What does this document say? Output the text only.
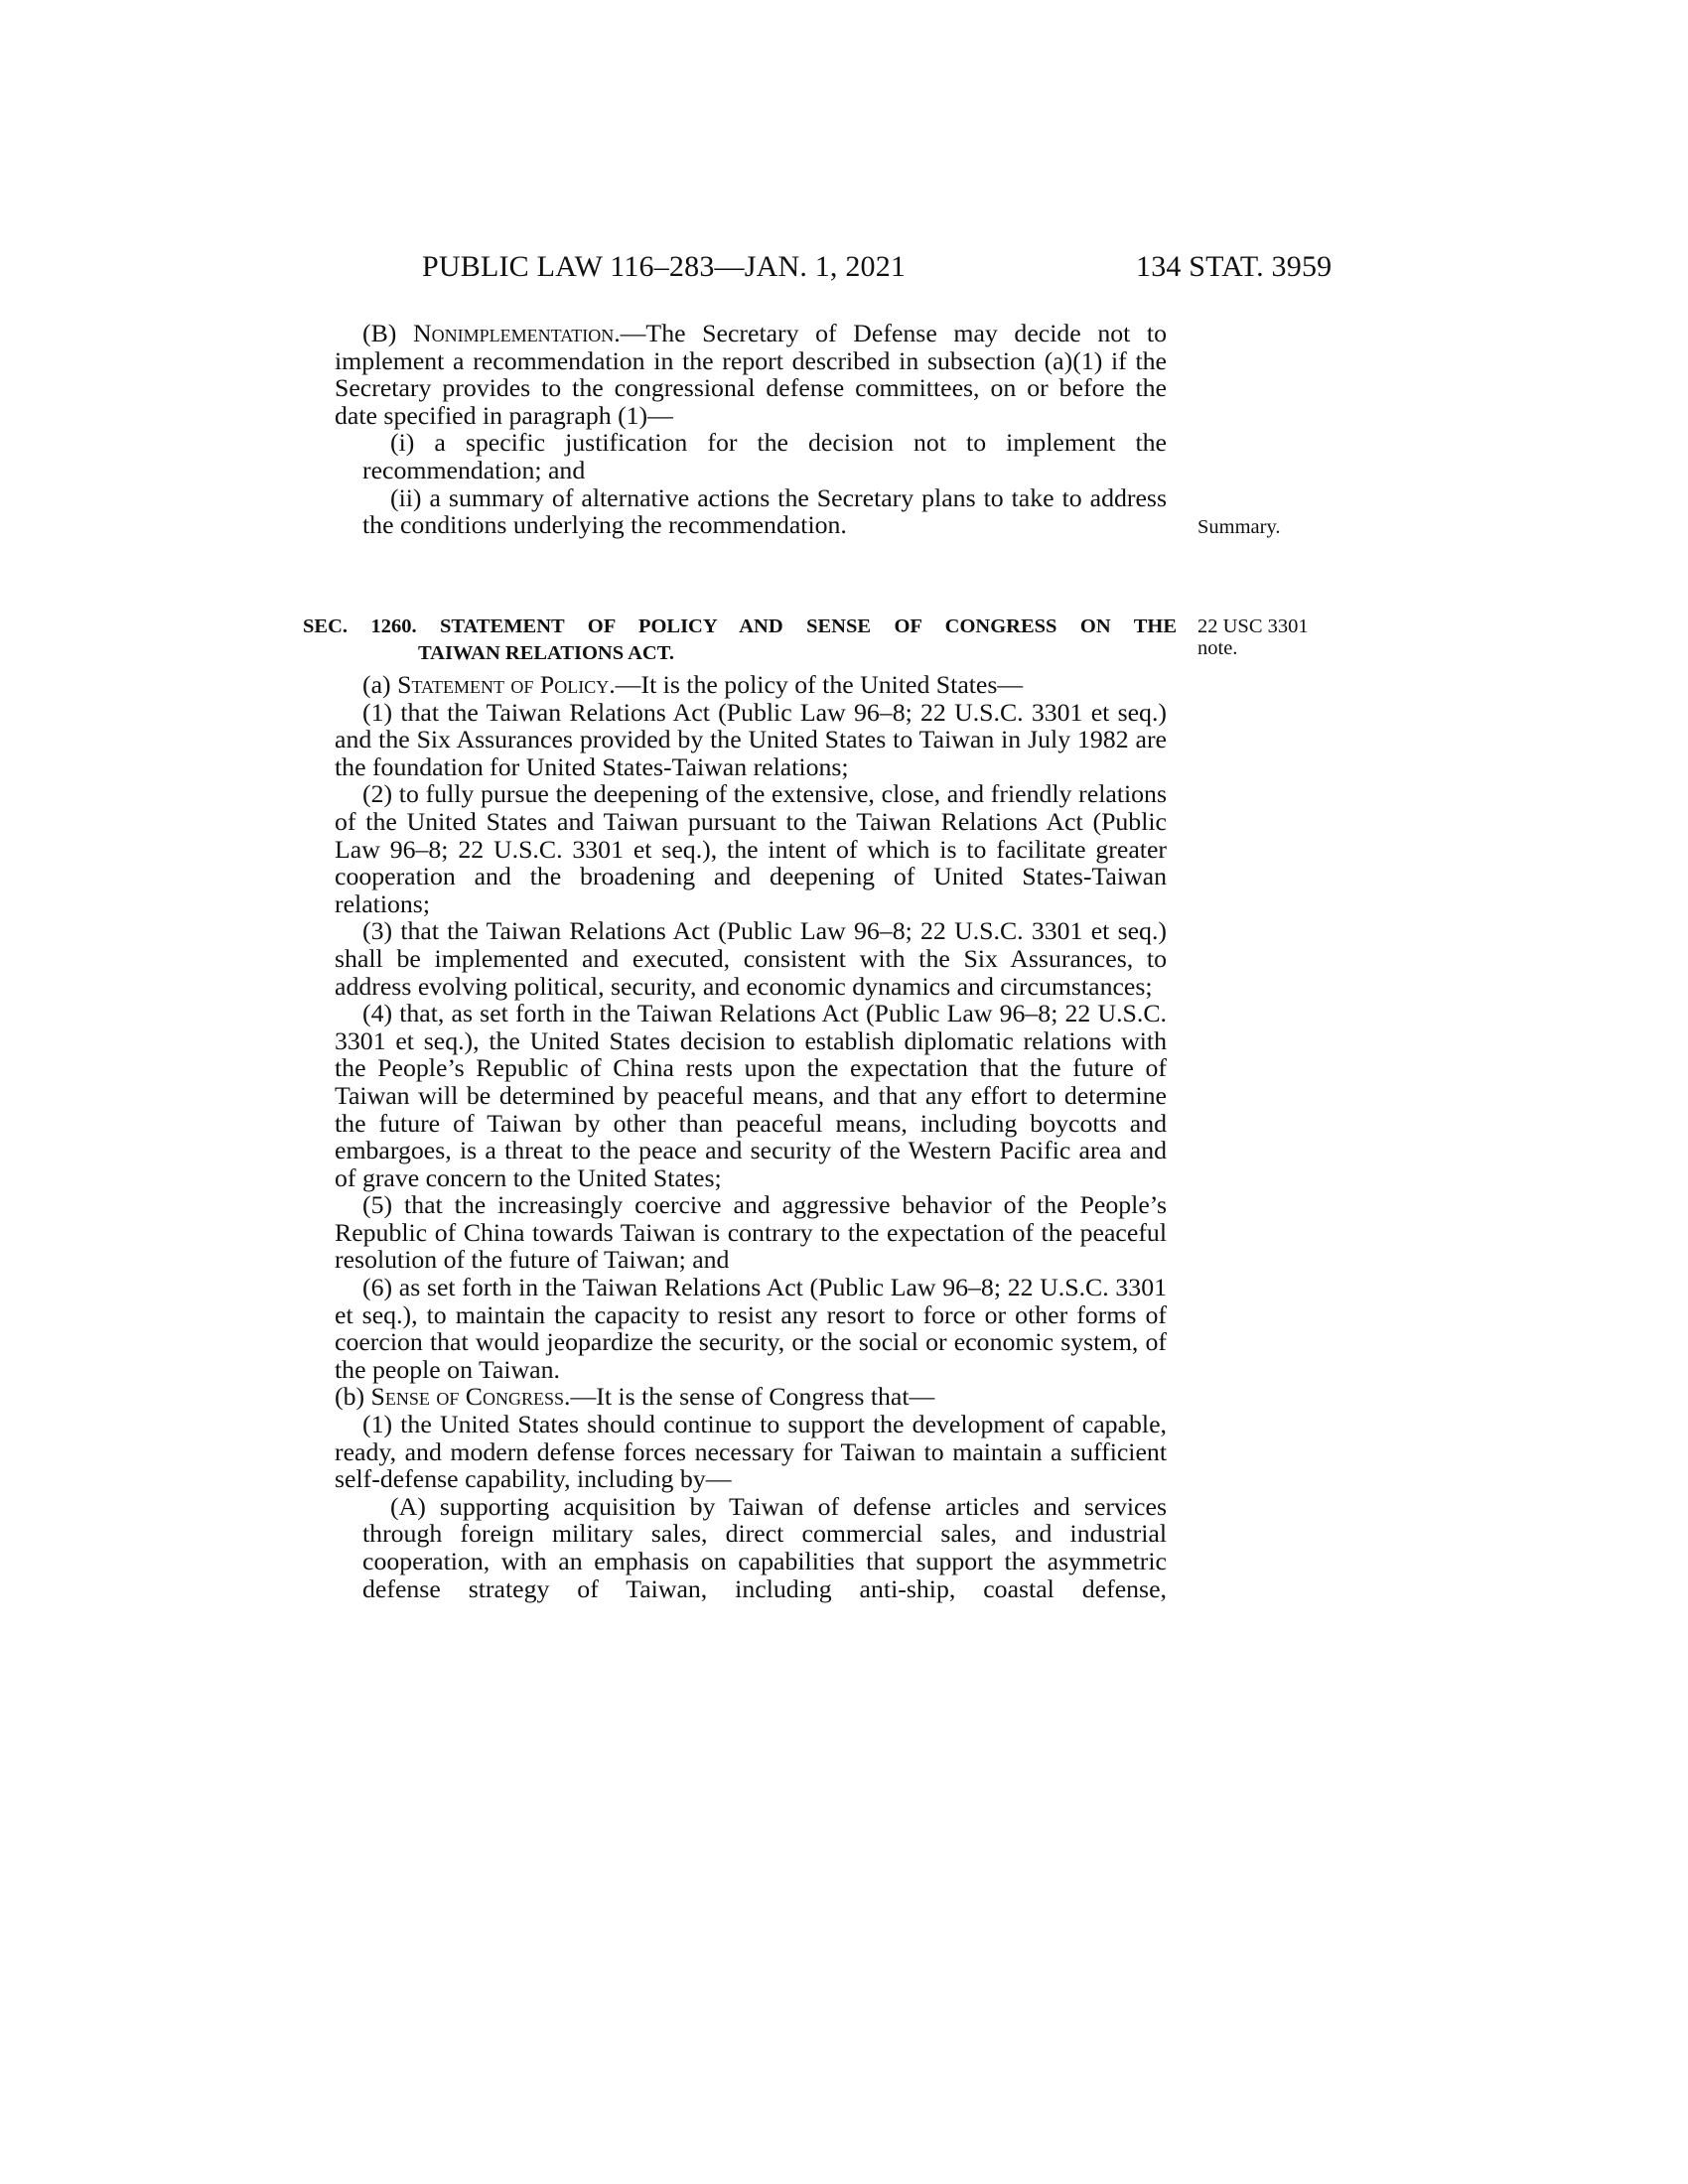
PUBLIC LAW 116–283—JAN. 1, 2021	134 STAT. 3959

(B) Nonimplementation.—The Secretary of Defense may decide not to implement a recommendation in the report described in subsection (a)(1) if the Secretary provides to the congressional defense committees, on or before the date specified in paragraph (1)—

(i) a specific justification for the decision not to implement the recommendation; and

(ii) a summary of alternative actions the Secretary plans to take to address the conditions underlying the recommendation.	Summary.
SEC. 1260. STATEMENT OF POLICY AND SENSE OF CONGRESS ON THE
TAIWAN RELATIONS ACT.
22 USC 3301
note.

(a) Statement of Policy.—It is the policy of the United States—

(1) that the Taiwan Relations Act (Public Law 96–8; 22 U.S.C. 3301 et seq.) and the Six Assurances provided by the United States to Taiwan in July 1982 are the foundation for United States-Taiwan relations;

(2) to fully pursue the deepening of the extensive, close, and friendly relations of the United States and Taiwan pursuant to the Taiwan Relations Act (Public Law 96–8; 22 U.S.C. 3301 et seq.), the intent of which is to facilitate greater cooperation and the broadening and deepening of United States-Taiwan relations;

(3) that the Taiwan Relations Act (Public Law 96–8; 22 U.S.C. 3301 et seq.) shall be implemented and executed, consistent with the Six Assurances, to address evolving political, security, and economic dynamics and circumstances;

(4) that, as set forth in the Taiwan Relations Act (Public Law 96–8; 22 U.S.C. 3301 et seq.), the United States decision to establish diplomatic relations with the People’s Republic of China rests upon the expectation that the future of Taiwan will be determined by peaceful means, and that any effort to determine the future of Taiwan by other than peaceful means, including boycotts and embargoes, is a threat to the peace and security of the Western Pacific area and of grave concern to the United States;

(5) that the increasingly coercive and aggressive behavior of the People’s Republic of China towards Taiwan is contrary to the expectation of the peaceful resolution of the future of Taiwan; and

(6) as set forth in the Taiwan Relations Act (Public Law 96–8; 22 U.S.C. 3301 et seq.), to maintain the capacity to resist any resort to force or other forms of coercion that would jeopardize the security, or the social or economic system, of the people on Taiwan.

(b) Sense of Congress.—It is the sense of Congress that—

(1) the United States should continue to support the development of capable, ready, and modern defense forces necessary for Taiwan to maintain a sufficient self-defense capability, including by—

(A) supporting acquisition by Taiwan of defense articles and services through foreign military sales, direct commercial sales, and industrial cooperation, with an emphasis on capabilities that support the asymmetric defense strategy of Taiwan, including anti-ship, coastal defense,
